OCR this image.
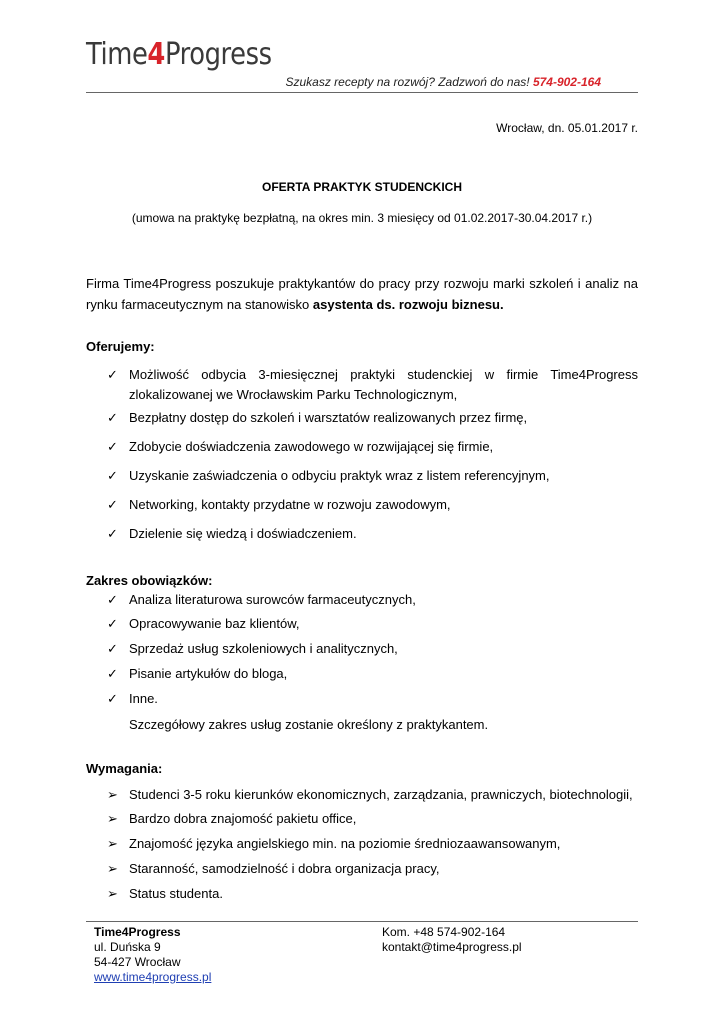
Time4Progress
Szukasz recepty na rozwój? Zadzwoń do nas! 574-902-164
Wrocław, dn. 05.01.2017 r.
OFERTA PRAKTYK STUDENCKICH
(umowa na praktykę bezpłatną, na okres min. 3 miesięcy od 01.02.2017-30.04.2017 r.)
Firma Time4Progress poszukuje praktykantów do pracy przy rozwoju marki szkoleń i analiz na rynku farmaceutycznym na stanowisko asystenta ds. rozwoju biznesu.
Oferujemy:
✓ Możliwość odbycia 3-miesięcznej praktyki studenckiej w firmie Time4Progress zlokalizowanej we Wrocławskim Parku Technologicznym,
✓ Bezpłatny dostęp do szkoleń i warsztatów realizowanych przez firmę,
✓ Zdobycie doświadczenia zawodowego w rozwijającej się firmie,
✓ Uzyskanie zaświadczenia o odbyciu praktyk wraz z listem referencyjnym,
✓ Networking, kontakty przydatne w rozwoju zawodowym,
✓ Dzielenie się wiedzą i doświadczeniem.
Zakres obowiązków:
✓ Analiza literaturowa surowców farmaceutycznych,
✓ Opracowywanie baz klientów,
✓ Sprzedaż usług szkoleniowych i analitycznych,
✓ Pisanie artykułów do bloga,
✓ Inne.
Szczegółowy zakres usług zostanie określony z praktykantem.
Wymagania:
➢ Studenci 3-5 roku kierunków ekonomicznych, zarządzania, prawniczych, biotechnologii,
➢ Bardzo dobra znajomość pakietu office,
➢ Znajomość języka angielskiego min. na poziomie średniozaawansowanym,
➢ Staranność, samodzielność i dobra organizacja pracy,
➢ Status studenta.
Time4Progress
ul. Duńska 9
54-427 Wrocław
www.time4progress.pl
Kom. +48 574-902-164
kontakt@time4progress.pl
